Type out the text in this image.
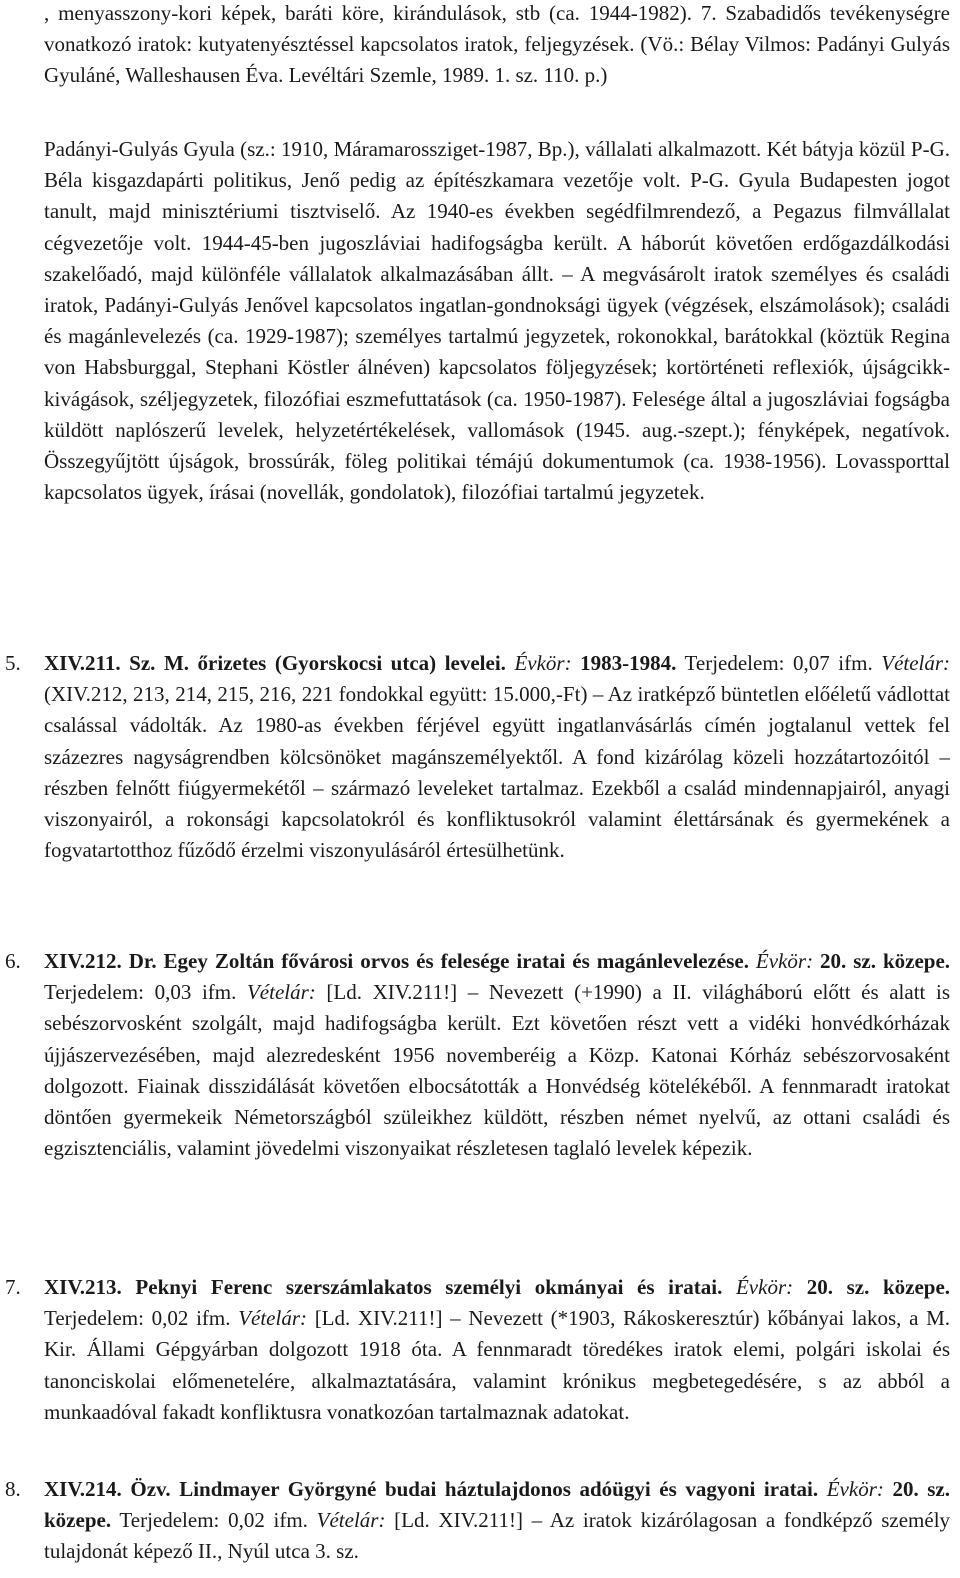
, menyasszony-kori képek, baráti köre, kirándulások, stb (ca. 1944-1982). 7. Szabadidős tevékenységre vonatkozó iratok: kutyatenyésztéssel kapcsolatos iratok, feljegyzések. (Vö.: Bélay Vilmos: Padányi Gulyás Gyuláné, Walleshausen Éva. Levéltári Szemle, 1989. 1. sz. 110. p.)

Padányi-Gulyás Gyula (sz.: 1910, Máramarossziget-1987, Bp.), vállalati alkalmazott. Két bátyja közül P-G. Béla kisgazdapárti politikus, Jenő pedig az építészkamara vezetője volt. P-G. Gyula Budapesten jogot tanult, majd minisztériumi tisztviselő. Az 1940-es években segédfilmrendező, a Pegazus filmvállalat cégvezetője volt. 1944-45-ben jugoszláviai hadifogságba került. A háborút követően erdőgazdálkodási szakelőadó, majd különféle vállalatok alkalmazásában állt. – A megvásárolt iratok személyes és családi iratok, Padányi-Gulyás Jenővel kapcsolatos ingatlan-gondnoksági ügyek (végzések, elszámolások); családi és magánlevelezés (ca. 1929-1987); személyes tartalmú jegyzetek, rokonokkal, barátokkal (köztük Regina von Habsburggal, Stephani Köstler álnéven) kapcsolatos följegyzések; kortörténeti reflexiók, újságcikk-kivágások, széljegyzetek, filozófiai eszmefuttatások (ca. 1950-1987). Felesége által a jugoszláviai fogságba küldött naplószerű levelek, helyzetértékelések, vallomások (1945. aug.-szept.); fényképek, negatívok. Összegyűjtött újságok, brossúrák, föleg politikai témájú dokumentumok (ca. 1938-1956). Lovassporttal kapcsolatos ügyek, írásai (novellák, gondolatok), filozófiai tartalmú jegyzetek.

5.	XIV.211. Sz. M. őrizetes (Gyorskocsi utca) levelei. Évkör: 1983-1984. Terjedelem: 0,07 ifm. Vételár: (XIV.212, 213, 214, 215, 216, 221 fondokkal együtt: 15.000,-Ft) – Az iratképző büntetlen előéletű vádlottat csalással vádolták. Az 1980-as években férjével együtt ingatlanvásárlás címén jogtalanul vettek fel százezres nagyságrendben kölcsönöket magánszemélyektől. A fond kizárólag közeli hozzátartozóitól – részben felnőtt fiúgyermekétől – származó leveleket tartalmaz. Ezekből a család mindennapjairól, anyagi viszonyairól, a rokonsági kapcsolatokról és konfliktusokról valamint élettársának és gyermekének a fogvatartotthoz fűződő érzelmi viszonyulásáról értesülhetünk.

6.	XIV.212. Dr. Egey Zoltán fővárosi orvos és felesége iratai és magánlevelezése. Évkör: 20. sz. közepe. Terjedelem: 0,03 ifm. Vételár: [Ld. XIV.211!] – Nevezett (+1990) a II. világháború előtt és alatt is sebészorvosként szolgált, majd hadifogságba került. Ezt követően részt vett a vidéki honvédkórházak újjászervezésében, majd alezredesként 1956 novemberéig a Közp. Katonai Kórház sebészorvosaként dolgozott. Fiainak disszidálását követően elbocsátották a Honvédség kötelékéből. A fennmaradt iratokat döntően gyermekeik Németországból szüleikhez küldött, részben német nyelvű, az ottani családi és egzisztenciális, valamint jövedelmi viszonyaikat részletesen taglaló levelek képezik.

7.	XIV.213. Peknyi Ferenc szerszámlakatos személyi okmányai és iratai. Évkör: 20. sz. közepe. Terjedelem: 0,02 ifm. Vételár: [Ld. XIV.211!] – Nevezett (*1903, Rákoskeresztúr) kőbányai lakos, a M. Kir. Állami Gépgyárban dolgozott 1918 óta. A fennmaradt töredékes iratok elemi, polgári iskolai és tanonciskolai előmenetelére, alkalmaztatására, valamint krónikus megbetegedésére, s az abból a munkaadóval fakadt konfliktusra vonatkozóan tartalmaznak adatokat.

8.	XIV.214. Özv. Lindmayer Györgyné budai háztulajdonos adóügyi és vagyoni iratai. Évkör: 20. sz. közepe. Terjedelem: 0,02 ifm. Vételár: [Ld. XIV.211!] – Az iratok kizárólagosan a fondképző személy tulajdonát képező II., Nyúl utca 3. sz.
